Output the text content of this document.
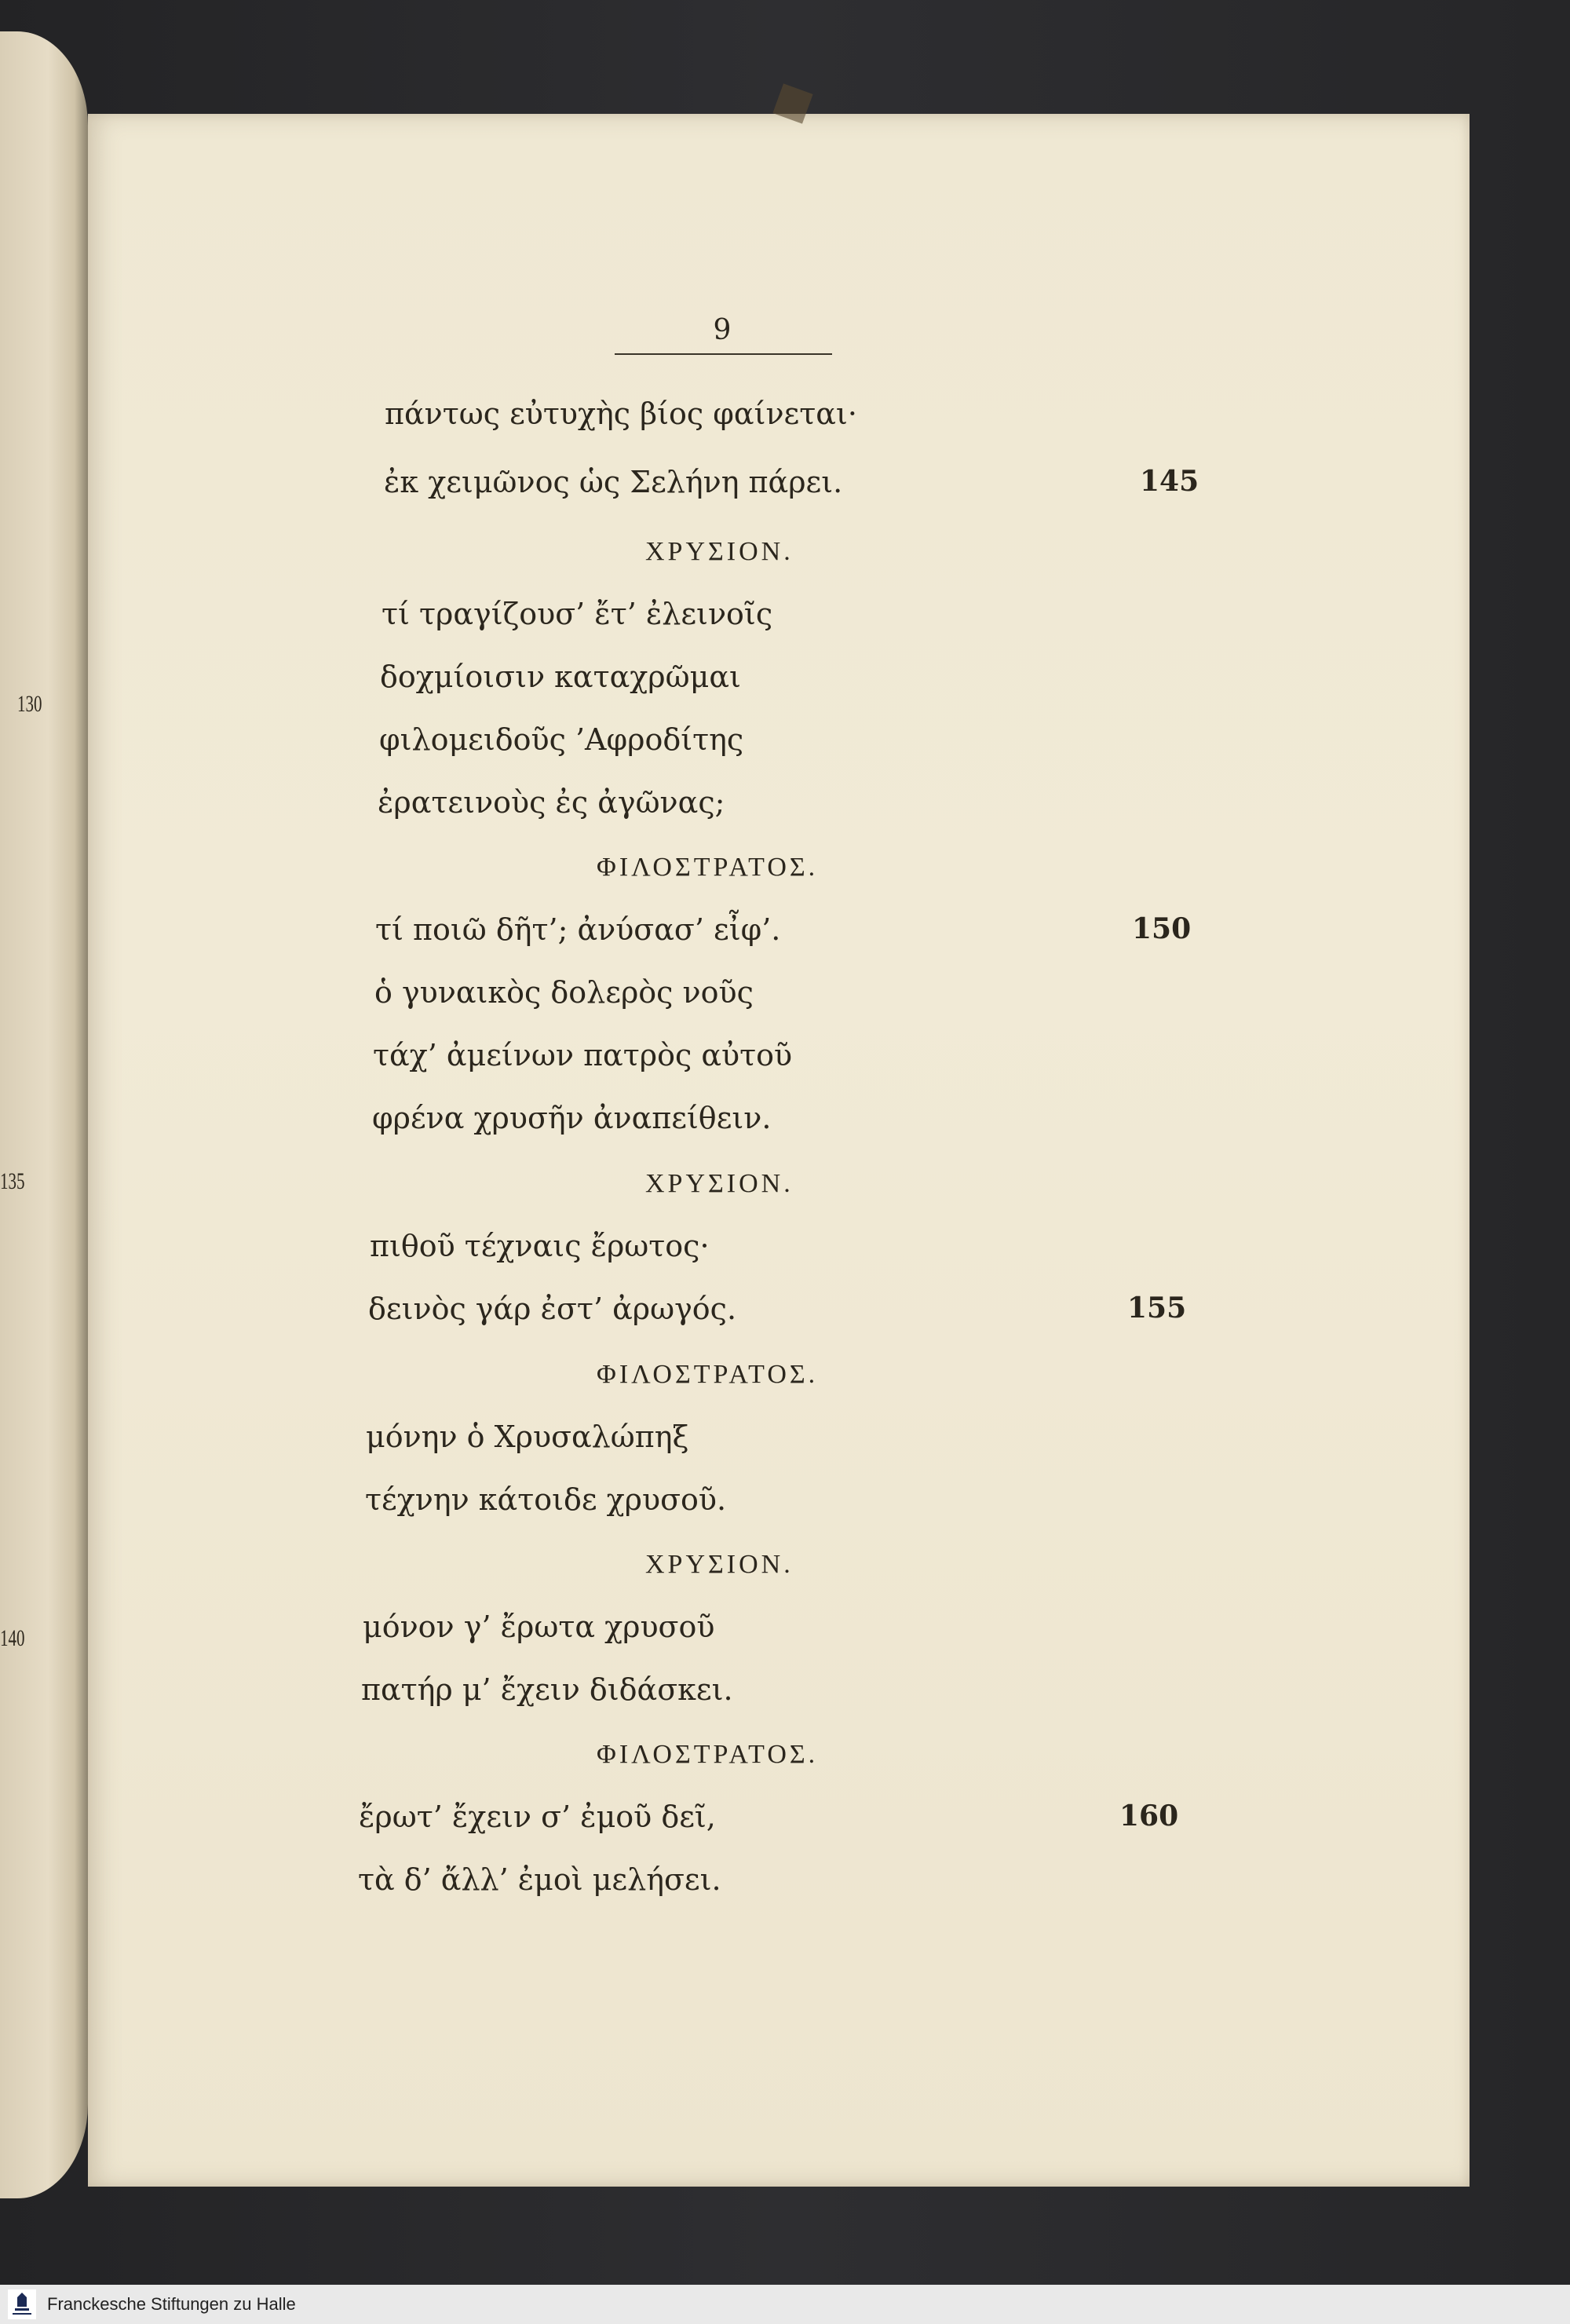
130
135
140
9
πάντως εὐτυχὴς βίος φαίνεται·
ἐκ χειμῶνος ὡς Σελήνη πάρει.	145
ΧΡΥΣΙΟΝ.
τί τραγίζουσ’ ἔτ’ ἐλεινοῖς
δοχμίοισιν καταχρῶμαι
φιλομειδοῦς ’Αφροδίτης
ἐρατεινοὺς ἐς ἀγῶνας;
ΦΙΛΟΣΤΡΑΤΟΣ.
τί ποιῶ δῆτ’; ἀνύσασ’ εἶφ’.	150
ὁ γυναικὸς δολερὸς νοῦς
τάχ’ ἀμείνων πατρὸς αὐτοῦ
φρένα χρυσῆν ἀναπείθειν.
ΧΡΥΣΙΟΝ.
πιθοῦ τέχναις ἔρωτος·
δεινὸς γάρ ἐστ’ ἀρωγός.	155
ΦΙΛΟΣΤΡΑΤΟΣ.
μόνην ὁ Χρυσαλώπηξ
τέχνην κάτοιδε χρυσοῦ.
ΧΡΥΣΙΟΝ.
μόνον γ’ ἔρωτα χρυσοῦ
πατήρ μ’ ἔχειν διδάσκει.
ΦΙΛΟΣΤΡΑΤΟΣ.
ἔρωτ’ ἔχειν σ’ ἐμοῦ δεῖ,	160
τὰ δ’ ἄλλ’ ἐμοὶ μελήσει.
Franckesche Stiftungen zu Halle
